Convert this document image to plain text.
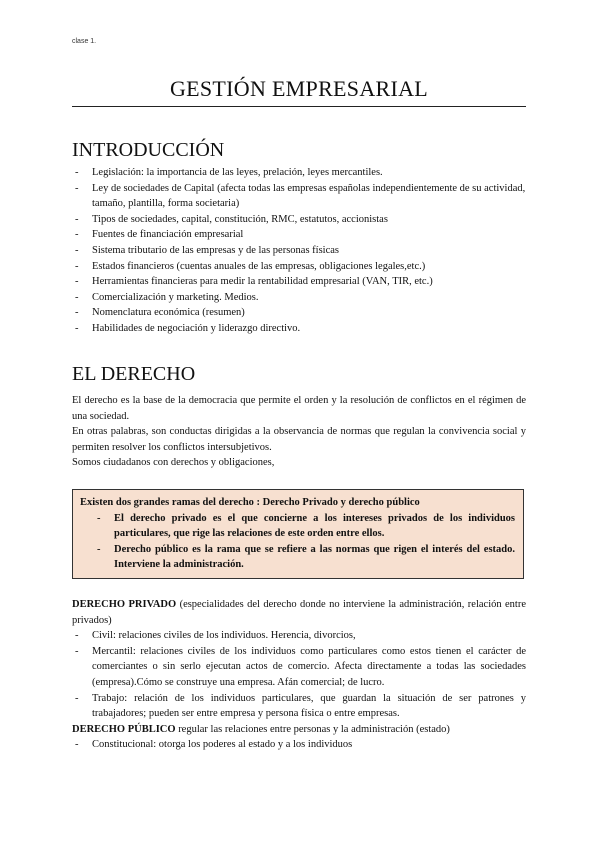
clase 1.
GESTIÓN EMPRESARIAL
INTRODUCCIÓN
- Legislación: la importancia de las leyes, prelación, leyes mercantiles.
- Ley de sociedades de Capital (afecta todas las empresas españolas independientemente de su actividad, tamaño, plantilla, forma societaria)
- Tipos de sociedades, capital, constitución, RMC, estatutos, accionistas
- Fuentes de financiación empresarial
- Sistema tributario de las empresas y de las personas físicas
- Estados financieros (cuentas anuales de las empresas, obligaciones legales,etc.)
- Herramientas financieras para medir la rentabilidad empresarial (VAN, TIR, etc.)
- Comercialización y marketing. Medios.
- Nomenclatura económica (resumen)
- Habilidades de negociación y liderazgo directivo.
EL DERECHO

El derecho es la base de la democracia que permite el orden y la resolución de conflictos en el régimen de una sociedad.

En otras palabras, son conductas dirigidas a la observancia de normas que regulan la convivencia social y permiten resolver los conflictos intersubjetivos.

Somos ciudadanos con derechos y obligaciones,

Existen dos grandes ramas del derecho : Derecho Privado y derecho público
- El derecho privado es el que concierne a los intereses privados de los individuos particulares, que rige las relaciones de este orden entre ellos.
- Derecho público es la rama que se refiere a las normas que rigen el interés del estado. Interviene la administración.

DERECHO PRIVADO (especialidades del derecho donde no interviene la administración, relación entre privados)

- Civil: relaciones civiles de los individuos. Herencia, divorcios,
- Mercantil: relaciones civiles de los individuos como particulares como estos tienen el carácter de comerciantes o sin serlo ejecutan actos de comercio. Afecta directamente a todas las sociedades (empresa).Cómo se construye una empresa. Afán comercial; de lucro.
- Trabajo: relación de los individuos particulares, que guardan la situación de ser patrones y trabajadores; pueden ser entre empresa y persona física o entre empresas.

DERECHO PÚBLICO regular las relaciones entre personas y la administración (estado)

- Constitucional: otorga los poderes al estado y a los individuos
